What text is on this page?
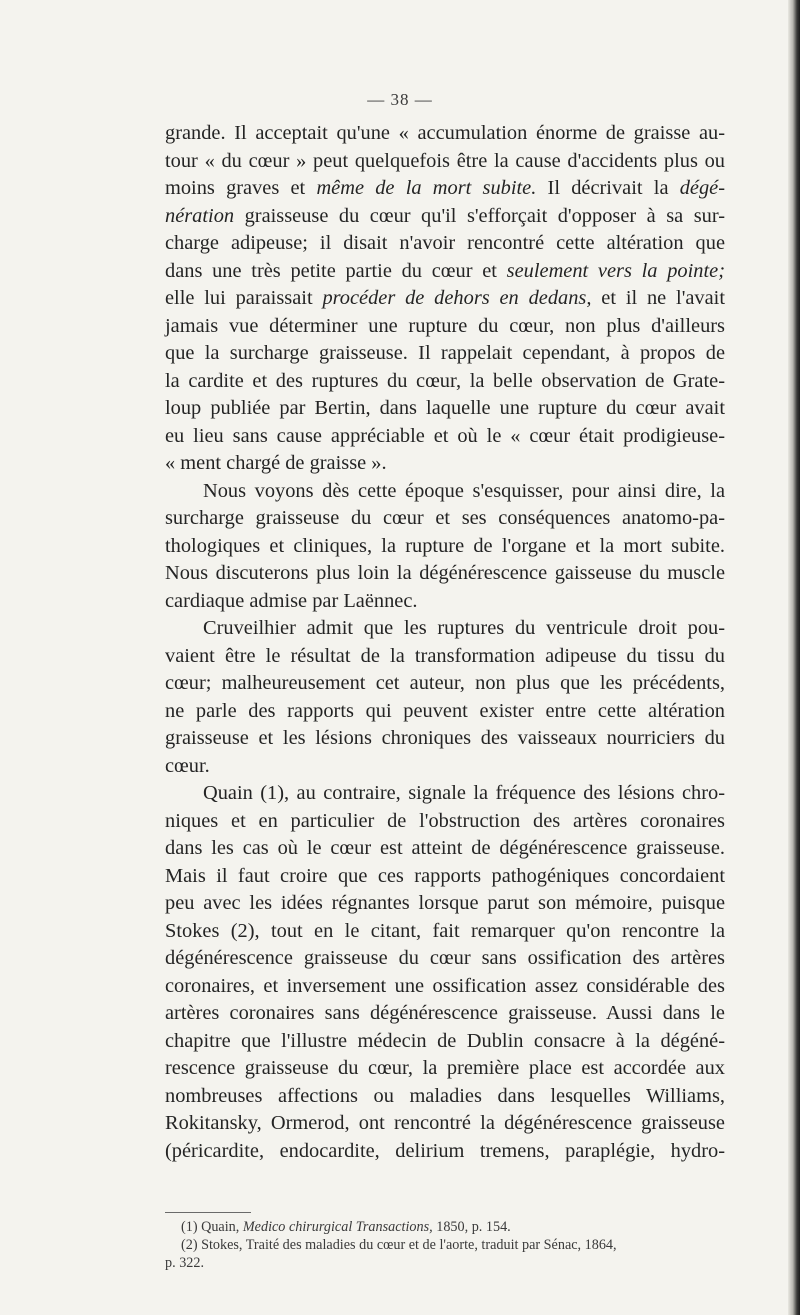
— 38 —
grande. Il acceptait qu'une « accumulation énorme de graisse au-
tour « du cœur » peut quelquefois être la cause d'accidents plus ou
moins graves et même de la mort subite. Il décrivait la dégé-
nération graisseuse du cœur qu'il s'efforçait d'opposer à sa sur-
charge adipeuse; il disait n'avoir rencontré cette altération que
dans une très petite partie du cœur et seulement vers la pointe;
elle lui paraissait procéder de dehors en dedans, et il ne l'avait
jamais vue déterminer une rupture du cœur, non plus d'ailleurs
que la surcharge graisseuse. Il rappelait cependant, à propos de
la cardite et des ruptures du cœur, la belle observation de Grate-
loup publiée par Bertin, dans laquelle une rupture du cœur avait
eu lieu sans cause appréciable et où le « cœur était prodigieuse-
« ment chargé de graisse ».
Nous voyons dès cette époque s'esquisser, pour ainsi dire, la
surcharge graisseuse du cœur et ses conséquences anatomo-pa-
thologiques et cliniques, la rupture de l'organe et la mort subite.
Nous discuterons plus loin la dégénérescence gaisseuse du muscle
cardiaque admise par Laënnec.
Cruveilhier admit que les ruptures du ventricule droit pou-
vaient être le résultat de la transformation adipeuse du tissu du
cœur; malheureusement cet auteur, non plus que les précédents,
ne parle des rapports qui peuvent exister entre cette altération
graisseuse et les lésions chroniques des vaisseaux nourriciers du
cœur.
Quain (1), au contraire, signale la fréquence des lésions chro-
niques et en particulier de l'obstruction des artères coronaires
dans les cas où le cœur est atteint de dégénérescence graisseuse.
Mais il faut croire que ces rapports pathogéniques concordaient
peu avec les idées régnantes lorsque parut son mémoire, puisque
Stokes (2), tout en le citant, fait remarquer qu'on rencontre la
dégénérescence graisseuse du cœur sans ossification des artères
coronaires, et inversement une ossification assez considérable des
artères coronaires sans dégénérescence graisseuse. Aussi dans le
chapitre que l'illustre médecin de Dublin consacre à la dégéné-
rescence graisseuse du cœur, la première place est accordée aux
nombreuses affections ou maladies dans lesquelles Williams,
Rokitansky, Ormerod, ont rencontré la dégénérescence graisseuse
(péricardite, endocardite, delirium tremens, paraplégie, hydro-
(1) Quain, Medico chirurgical Transactions, 1850, p. 154.
(2) Stokes, Traité des maladies du cœur et de l'aorte, traduit par Sénac, 1864,
p. 322.
